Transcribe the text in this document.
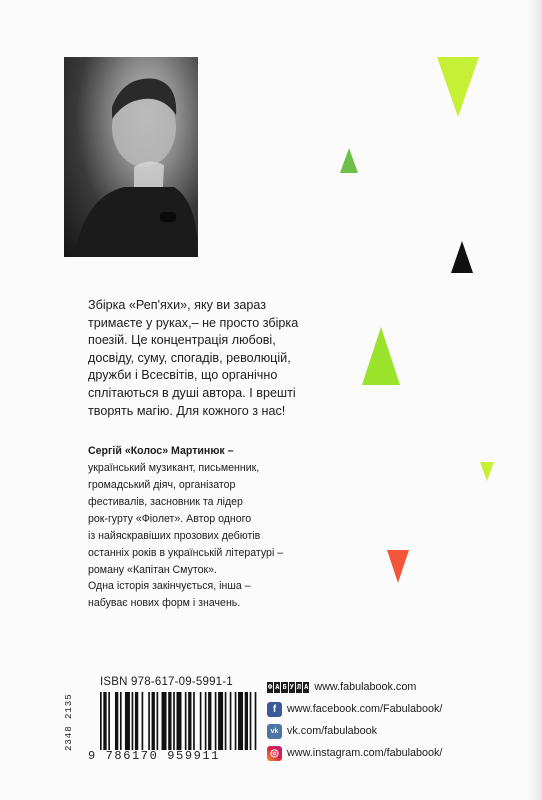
Збірка «Реп'яхи», яку ви зараз

тримаєте у руках,– не просто збірка

поезій. Це концентрація любові,

досвіду, суму, спогадів, революцій,

дружби і Всесвітів, що органічно

сплітаються в душі автора. І врешті

творять магію. Для кожного з нас!

Сергій «Колос» Мартинюк –

український музикант, письменник,

громадський діяч, організатор

фестивалів, засновник та лідер

рок-гурту «Фіолет». Автор одного

із найяскравіших прозових дебютів

останніх років в українській літературі –

роману «Капітан Смуток».

Одна історія закінчується, інша –

набуває нових форм і значень.

2348 2135
ISBN 978-617-09-5991-1
9 786170 959911
Ф А Б У Л А www.fabulabook.com
f	www.facebook.com/Fabulabook/
vk vk.com/fabulabook
◎ www.instagram.com/fabulabook/
